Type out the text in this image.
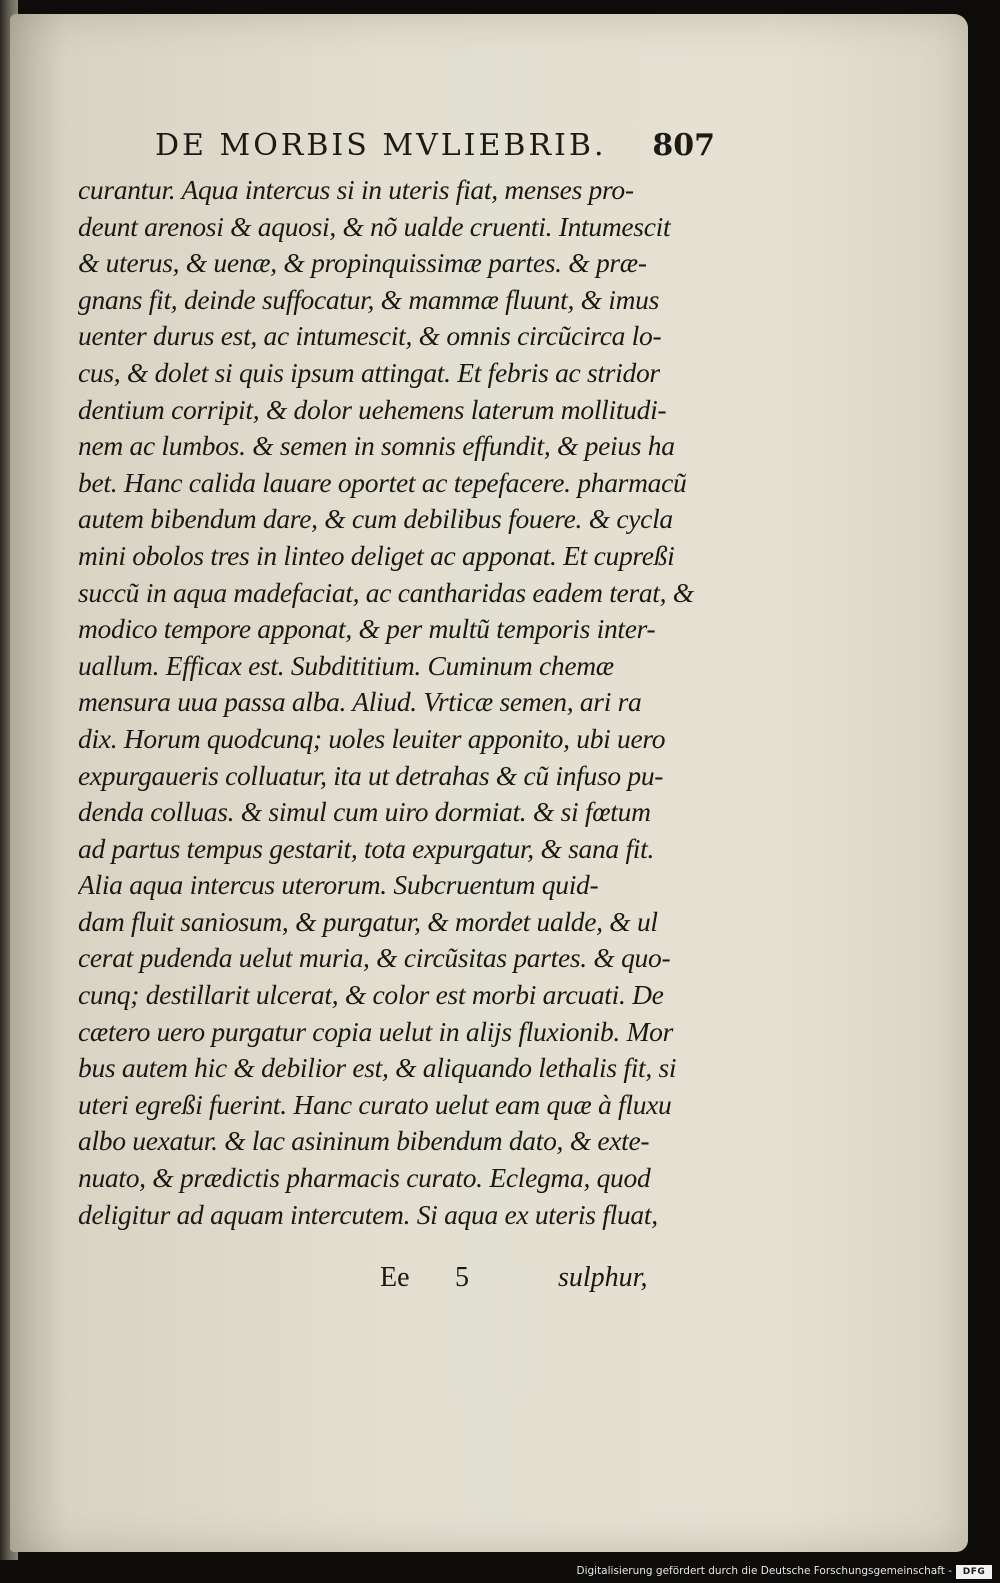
DE MORBIS MVLIEBRIB. 807
curantur. Aqua intercus si in uteris fiat, menses pro-
deunt arenosi & aquosi, & nõ ualde cruenti. Intumescit
& uterus, & uenæ, & propinquissimæ partes. & præ-
gnans fit, deinde suffocatur, & mammæ fluunt, & imus
uenter durus est, ac intumescit, & omnis circũcirca lo-
cus, & dolet si quis ipsum attingat. Et febris ac stridor
dentium corripit, & dolor uehemens laterum mollitudi-
nem ac lumbos. & semen in somnis effundit, & peius ha
bet. Hanc calida lauare oportet ac tepefacere. pharmacũ
autem bibendum dare, & cum debilibus fouere. & cycla
mini obolos tres in linteo deliget ac apponat. Et cupreßi
succũ in aqua madefaciat, ac cantharidas eadem terat, &
modico tempore apponat, & per multũ temporis inter-
uallum. Efficax est. Subdititium. Cuminum chemæ
mensura uua passa alba. Aliud. Vrticæ semen, ari ra
dix. Horum quodcunq; uoles leuiter apponito, ubi uero
expurgaueris colluatur, ita ut detrahas & cũ infuso pu-
denda colluas. & simul cum uiro dormiat. & si fœtum
ad partus tempus gestarit, tota expurgatur, & sana fit.
Alia aqua intercus uterorum. Subcruentum quid-
dam fluit saniosum, & purgatur, & mordet ualde, & ul
cerat pudenda uelut muria, & circũsitas partes. & quo-
cunq; destillarit ulcerat, & color est morbi arcuati. De
cætero uero purgatur copia uelut in alijs fluxionib. Mor
bus autem hic & debilior est, & aliquando lethalis fit, si
uteri egreßi fuerint. Hanc curato uelut eam quæ à fluxu
albo uexatur. & lac asininum bibendum dato, & exte-
nuato, & prædictis pharmacis curato. Eclegma, quod
deligitur ad aquam intercutem. Si aqua ex uteris fluat,
Ee 5	sulphur,
Digitalisierung gefördert durch die Deutsche Forschungsgemeinschaft -	DFG
